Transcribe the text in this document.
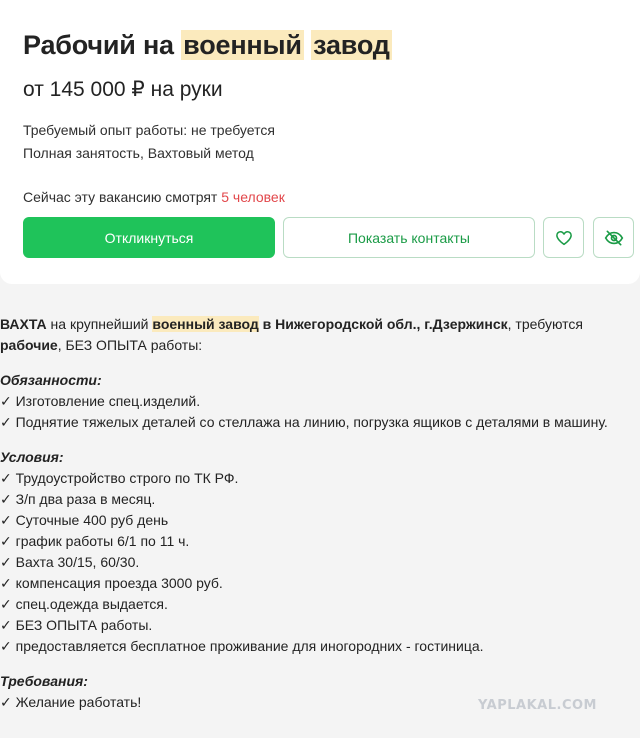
Рабочий на военный завод
от 145 000 ₽ на руки
Требуемый опыт работы: не требуется
Полная занятость, Вахтовый метод
Сейчас эту вакансию смотрят 5 человек
Откликнуться	Показать контакты

ВАХТА на крупнейший военный завод в Нижегородской обл., г.Дзержинск, требуются
рабочие, БЕЗ ОПЫТА работы:

Обязанности:

✓ Изготовление спец.изделий.

✓ Поднятие тяжелых деталей со стеллажа на линию, погрузка ящиков с деталями в машину.

Условия:

✓ Трудоустройство строго по ТК РФ.

✓ З/п два раза в месяц.

✓ Суточные 400 руб день

✓ график работы 6/1 по 11 ч.

✓ Вахта 30/15, 60/30.

✓ компенсация проезда 3000 руб.

✓ спец.одежда выдается.

✓ БЕЗ ОПЫТА работы.

✓ предоставляется бесплатное проживание для иногородних - гостиница.

Требования:

✓ Желание работать!	YAPLAKAL.COM
